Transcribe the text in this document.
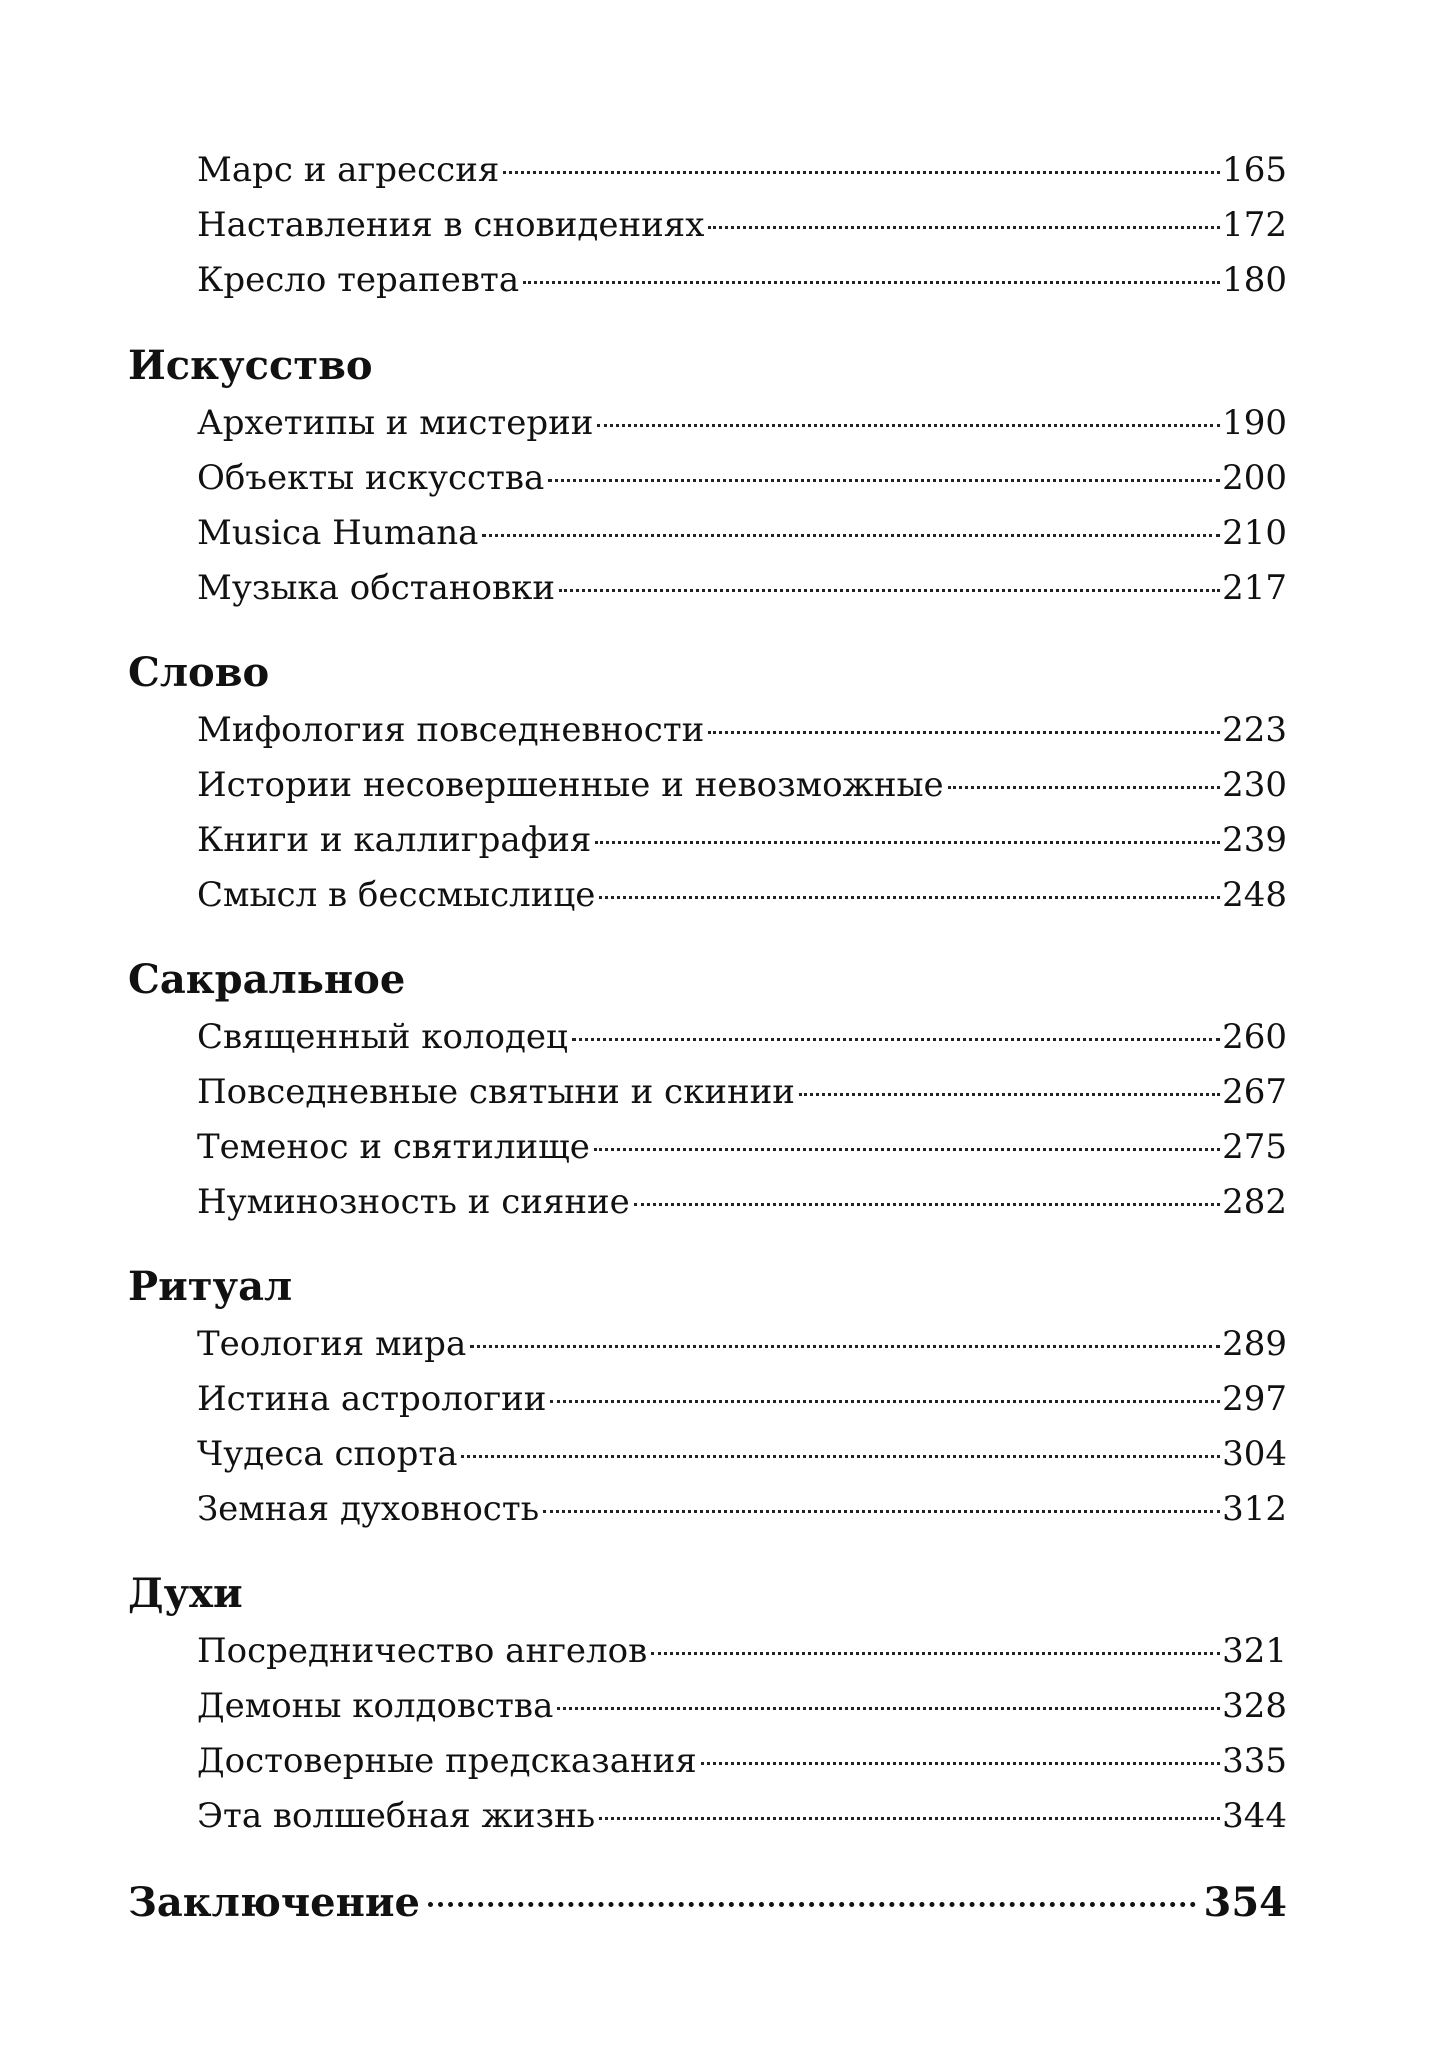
Марс и агрессия	165
Наставления в сновидениях	172
Кресло терапевта	180
Искусство
Архетипы и мистерии	190
Объекты искусства	200
Musica Humana	210
Музыка обстановки	217
Слово
Мифология повседневности	223
Истории несовершенные и невозможные	230
Книги и каллиграфия	239
Смысл в бессмыслице	248
Сакральное
Священный колодец	260
Повседневные святыни и скинии	267
Теменос и святилище	275
Нуминозность и сияние	282
Ритуал
Теология мира	289
Истина астрологии	297
Чудеса спорта	304
Земная духовность	312
Духи
Посредничество ангелов	321
Демоны колдовства	328
Достоверные предсказания	335
Эта волшебная жизнь	344
Заключение	354
